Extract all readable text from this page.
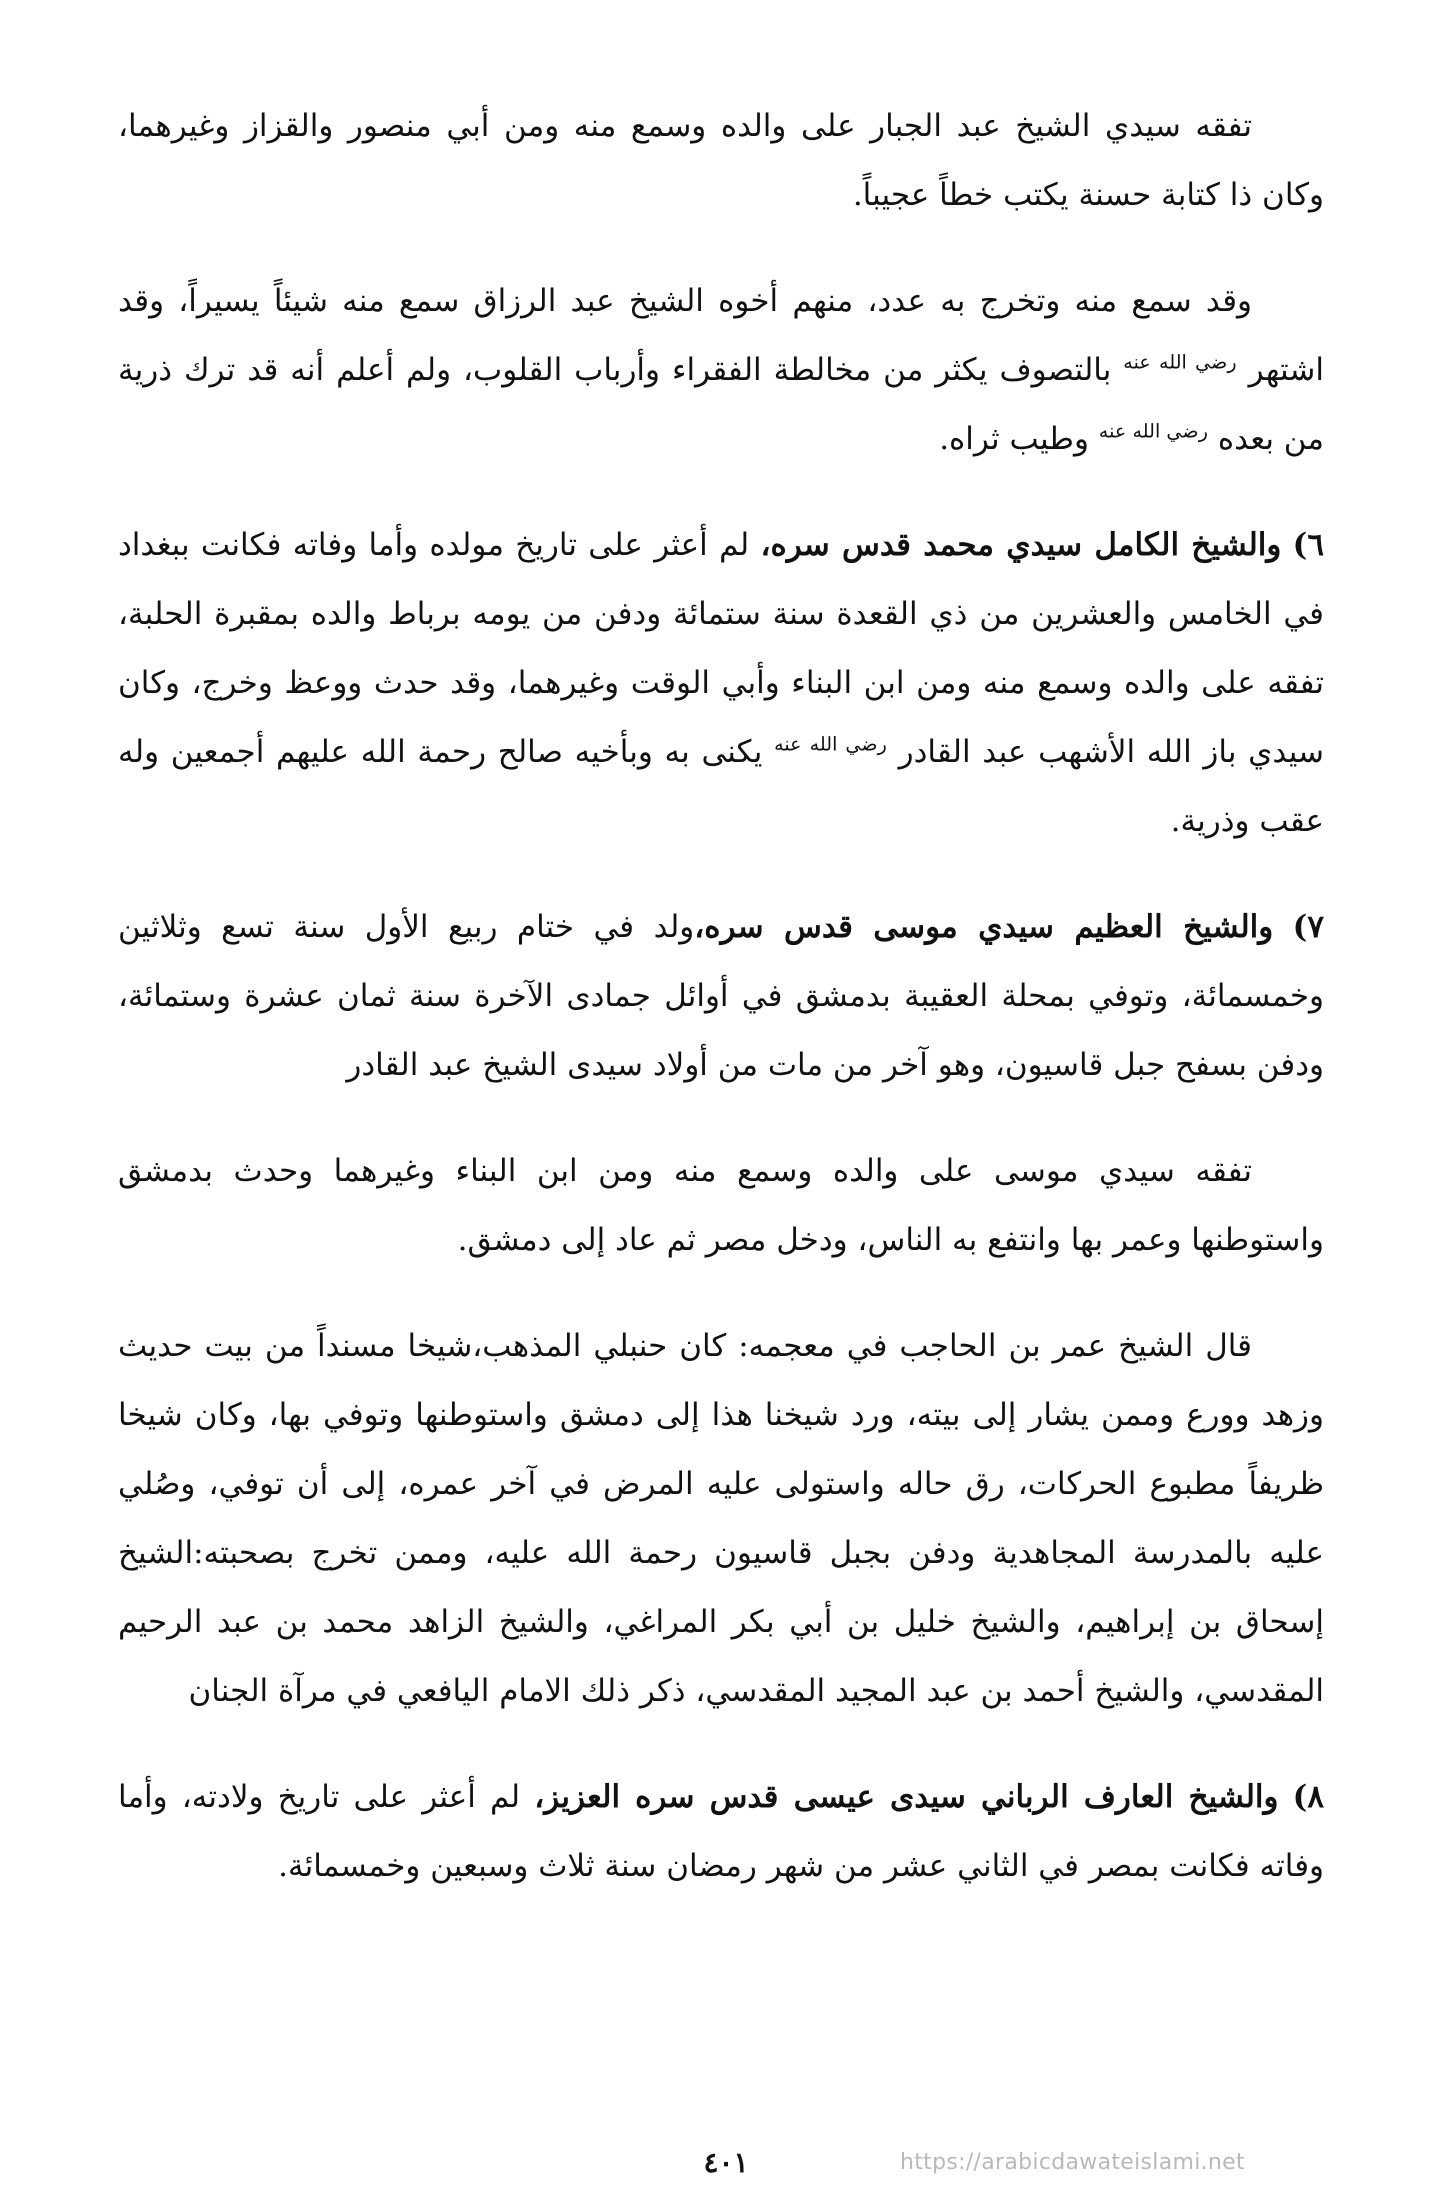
تفقه سيدي الشيخ عبد الجبار على والده وسمع منه ومن أبي منصور والقزاز وغيرهما، وكان ذا كتابة حسنة يكتب خطاً عجيباً.

وقد سمع منه وتخرج به عدد، منهم أخوه الشيخ عبد الرزاق سمع منه شيئاً يسيراً، وقد اشتهر $^{رضي الله عنه}$ بالتصوف يكثر من مخالطة الفقراء وأرباب القلوب، ولم أعلم أنه قد ترك ذرية من بعده $^{رضي الله عنه}$ وطيب ثراه.

٦) والشيخ الكامل سيدي محمد قدس سره، لم أعثر على تاريخ مولده وأما وفاته فكانت ببغداد في الخامس والعشرين من ذي القعدة سنة ستمائة ودفن من يومه برباط والده بمقبرة الحلبة، تفقه على والده وسمع منه ومن ابن البناء وأبي الوقت وغيرهما، وقد حدث ووعظ وخرج، وكان سيدي باز الله الأشهب عبد القادر $^{رضي الله عنه}$ يكنى به وبأخيه صالح رحمة الله عليهم أجمعين وله عقب وذرية.

٧) والشيخ العظيم سيدي موسى قدس سره،ولد في ختام ربيع الأول سنة تسع وثلاثين وخمسمائة، وتوفي بمحلة العقيبة بدمشق في أوائل جمادى الآخرة سنة ثمان عشرة وستمائة، ودفن بسفح جبل قاسيون، وهو آخر من مات من أولاد سيدى الشيخ عبد القادر

تفقه سيدي موسى على والده وسمع منه ومن ابن البناء وغيرهما وحدث بدمشق واستوطنها وعمر بها وانتفع به الناس، ودخل مصر ثم عاد إلى دمشق.

قال الشيخ عمر بن الحاجب في معجمه: كان حنبلي المذهب،شيخا مسنداً من بيت حديث وزهد وورع وممن يشار إلى بيته، ورد شيخنا هذا إلى دمشق واستوطنها وتوفي بها، وكان شيخا ظريفاً مطبوع الحركات، رق حاله واستولى عليه المرض في آخر عمره، إلى أن توفي، وصُلي عليه بالمدرسة المجاهدية ودفن بجبل قاسيون رحمة الله عليه، وممن تخرج بصحبته:الشيخ إسحاق بن إبراهيم، والشيخ خليل بن أبي بكر المراغي، والشيخ الزاهد محمد بن عبد الرحيم المقدسي، والشيخ أحمد بن عبد المجيد المقدسي، ذكر ذلك الامام اليافعي في مرآة الجنان

٨) والشيخ العارف الرباني سيدى عيسى قدس سره العزيز، لم أعثر على تاريخ ولادته، وأما وفاته فكانت بمصر في الثاني عشر من شهر رمضان سنة ثلاث وسبعين وخمسمائة.

٤٠١	https://arabicdawateislami.net
